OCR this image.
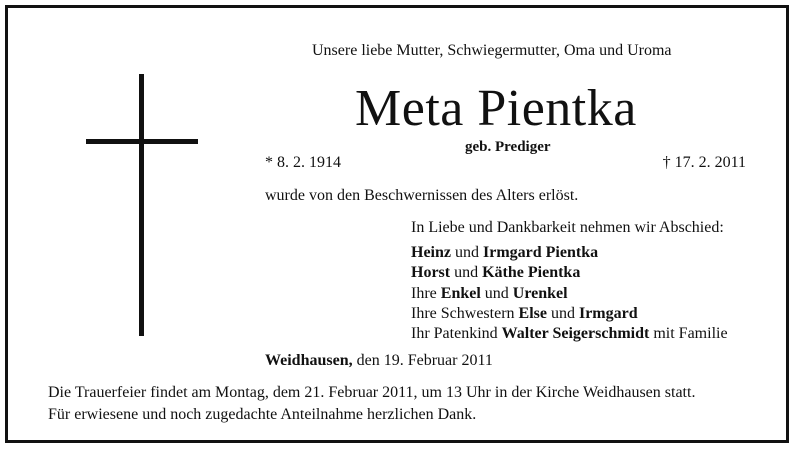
Unsere liebe Mutter, Schwiegermutter, Oma und Uroma
Meta Pientka
geb. Prediger
* 8. 2. 1914	† 17. 2. 2011
wurde von den Beschwernissen des Alters erlöst.
In Liebe und Dankbarkeit nehmen wir Abschied:
Heinz und Irmgard Pientka
Horst und Käthe Pientka
Ihre Enkel und Urenkel
Ihre Schwestern Else und Irmgard
Ihr Patenkind Walter Seigerschmidt mit Familie
Weidhausen, den 19. Februar 2011
Die Trauerfeier findet am Montag, dem 21. Februar 2011, um 13 Uhr in der Kirche Weidhausen statt.
Für erwiesene und noch zugedachte Anteilnahme herzlichen Dank.
